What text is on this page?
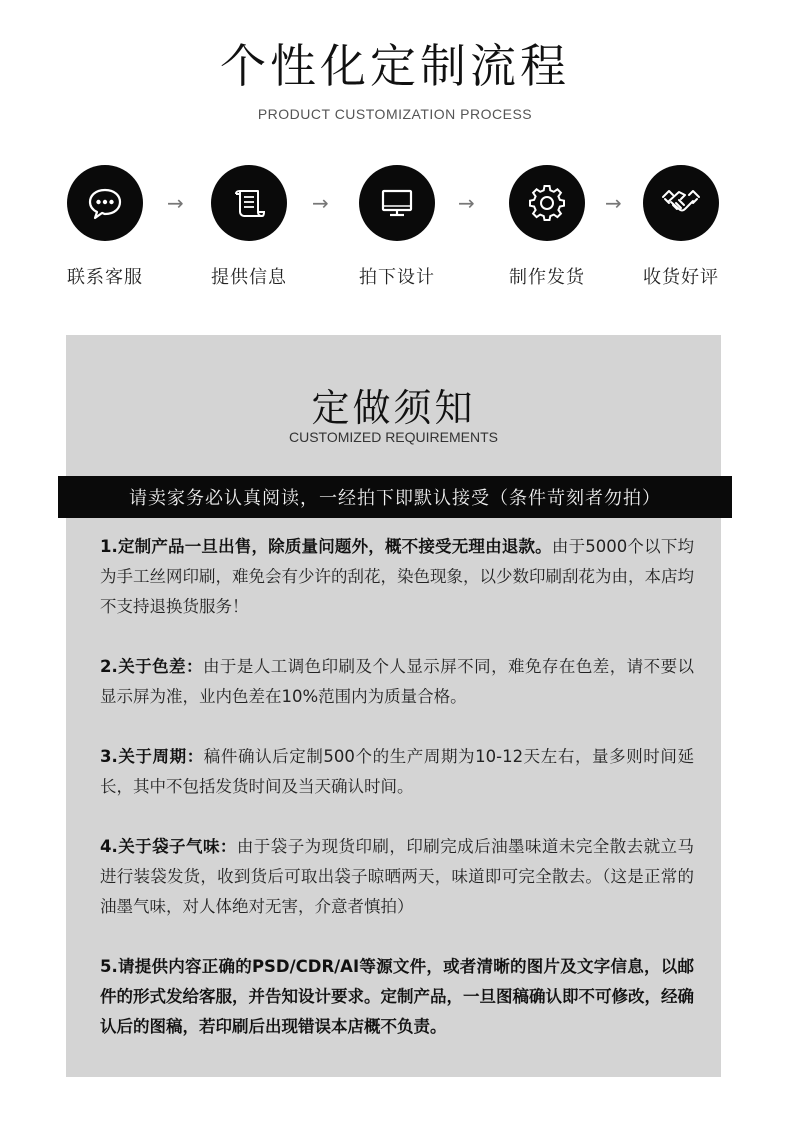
个性化定制流程
PRODUCT CUSTOMIZATION PROCESS
联系客服
→
提供信息
→
拍下设计
→
制作发货
→
收货好评
定做须知
CUSTOMIZED REQUIREMENTS
请卖家务必认真阅读，一经拍下即默认接受（条件苛刻者勿拍）

1.定制产品一旦出售，除质量问题外，概不接受无理由退款。由于5000个以下均为手工丝网印刷，难免会有少许的刮花，染色现象，以少数印刷刮花为由，本店均不支持退换货服务！

2.关于色差：由于是人工调色印刷及个人显示屏不同，难免存在色差，请不要以显示屏为准，业内色差在10%范围内为质量合格。

3.关于周期：稿件确认后定制500个的生产周期为10-12天左右，量多则时间延长，其中不包括发货时间及当天确认时间。

4.关于袋子气味：由于袋子为现货印刷，印刷完成后油墨味道未完全散去就立马进行装袋发货，收到货后可取出袋子晾晒两天，味道即可完全散去。（这是正常的油墨气味，对人体绝对无害，介意者慎拍）

5.请提供内容正确的PSD/CDR/AI等源文件，或者清晰的图片及文字信息，以邮件的形式发给客服，并告知设计要求。定制产品，一旦图稿确认即不可修改，经确认后的图稿，若印刷后出现错误本店概不负责。
